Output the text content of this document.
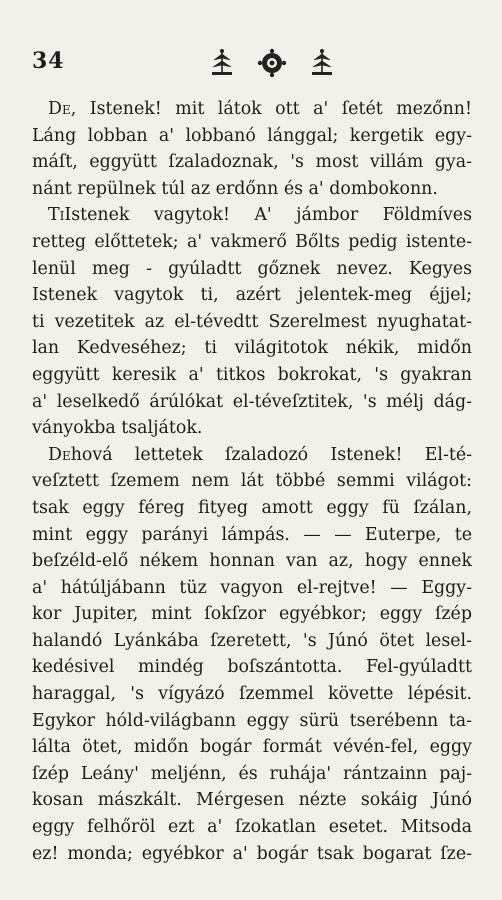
34
De , Istenek! mit látok ott a' ſetét mezőnn!
Láng lobban a' lobbanó lánggal; kergetik egy-
máſt, eggyütt ſzaladoznak, 's most villám gya-
nánt repülnek túl az erdőnn és a' dombokonn.
Ti Istenek vagytok! A' jámbor Földmíves
retteg előttetek; a' vakmerő Bőlts pedig istente-
lenül meg - gyúladtt gőznek nevez. Kegyes
Istenek vagytok ti, azért jelentek-meg éjjel;
ti vezetitek az el-tévedtt Szerelmest nyughatat-
lan Kedveséhez; ti világitotok nékik, midőn
eggyütt keresik a' titkos bokrokat, 's gyakran
a' leselkedő árúlókat el-téveſztitek, 's mélj dág-
ványokba tsaljátok.
De hová lettetek ſzaladozó Istenek! El-té-
veſztett ſzemem nem lát többé semmi világot:
tsak eggy féreg fityeg amott eggy fü ſzálan,
mint eggy parányi lámpás. — — Euterpe, te
beſzéld-elő nékem honnan van az, hogy ennek
a' hátúljábann tüz vagyon el-rejtve! — Eggy-
kor Jupiter, mint ſokſzor egyébkor; eggy ſzép
halandó Lyánkába ſzeretett, 's Júnó ötet lesel-
kedésivel mindég boſszántotta. Fel-gyúladtt
haraggal, 's vígyázó ſzemmel követte lépésit.
Egykor hóld-világbann eggy sürü tserébenn ta-
lálta ötet, midőn bogár formát vévén-fel, eggy
ſzép Leány' meljénn, és ruhája' rántzainn paj-
kosan mászkált. Mérgesen nézte sokáig Júnó
eggy felhőröl ezt a' ſzokatlan esetet. Mitsoda
ez! monda; egyébkor a' bogár tsak bogarat ſze-
